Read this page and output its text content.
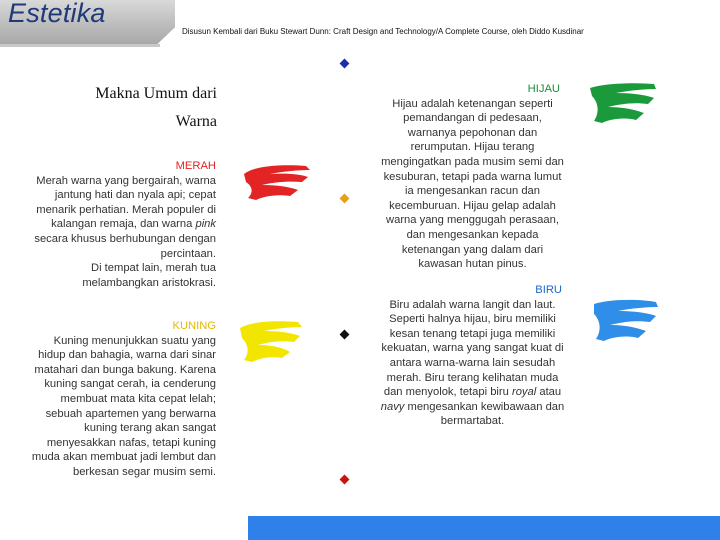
Estetika
Disusun Kembali dari Buku Stewart Dunn: Craft Design and Technology/A Complete Course, oleh Diddo Kusdinar
Makna Umum dari
Warna
MERAH
Merah warna yang bergairah, warna jantung hati dan nyala api; cepat menarik perhatian. Merah populer di kalangan remaja, dan warna pink secara khusus berhubungan dengan percintaan.
Di tempat lain, merah tua melambangkan aristokrasi.
KUNING
Kuning menunjukkan suatu yang hidup dan bahagia, warna dari sinar matahari dan bunga bakung. Karena kuning sangat cerah, ia cenderung membuat mata kita cepat lelah; sebuah apartemen yang berwarna kuning terang akan sangat menyesakkan nafas, tetapi kuning muda akan membuat jadi lembut dan berkesan segar musim semi.
HIJAU
Hijau adalah ketenangan seperti pemandangan di pedesaan, warnanya pepohonan dan rerumputan. Hijau terang mengingatkan pada musim semi dan kesuburan, tetapi pada warna lumut ia mengesankan racun dan kecemburuan. Hijau gelap adalah warna yang menggugah perasaan, dan mengesankan kepada ketenangan yang dalam dari kawasan hutan pinus.
BIRU
Biru adalah warna langit dan laut. Seperti halnya hijau, biru memiliki kesan tenang tetapi juga memiliki kekuatan, warna yang sangat kuat di antara warna-warna lain sesudah merah. Biru terang kelihatan muda dan menyolok, tetapi biru royal atau navy mengesankan kewibawaan dan bermartabat.
